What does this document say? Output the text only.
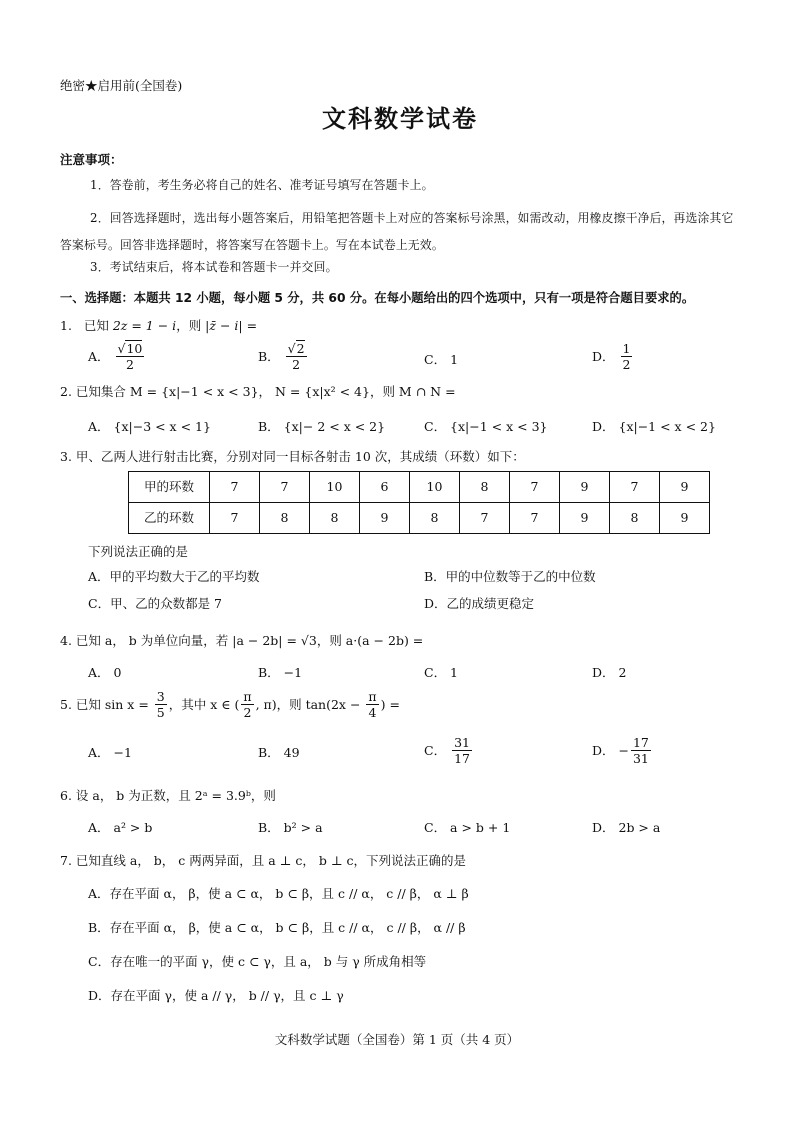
绝密★启用前(全国卷)
文科数学试卷
注意事项：
1．答卷前，考生务必将自己的姓名、准考证号填写在答题卡上。
2．回答选择题时，选出每小题答案后，用铅笔把答题卡上对应的答案标号涂黑，如需改动，用橡皮擦干净后，再选涂其它答案标号。回答非选择题时，将答案写在答题卡上。写在本试卷上无效。
3．考试结束后，将本试卷和答题卡一并交回。
一、选择题：本题共 12 小题，每小题 5 分，共 60 分。在每小题给出的四个选项中，只有一项是符合题目要求的。
1. 已知 2z = 1 − i，则 |z̄ − i| =
A． $\frac{√10}{2}$	B． $\frac{√2}{2}$	C． 1	D． $\frac{1}{2}$
2. 已知集合 M = {x|−1 < x < 3}， N = {x|x² < 4}，则 M ∩ N =
A． {x|−3 < x < 1}	B． {x|− 2 < x < 2}	C． {x|−1 < x < 3}	D． {x|−1 < x < 2}
3. 甲、乙两人进行射击比赛，分别对同一目标各射击 10 次，其成绩（环数）如下：
甲的环数	7	7	10	6	10	8	7	9	7	9
乙的环数	7	8	8	9	8	7	7	9	8	9
下列说法正确的是
A．甲的平均数大于乙的平均数	B．甲的中位数等于乙的中位数
C．甲、乙的众数都是 7	D．乙的成绩更稳定
4. 已知 a， b 为单位向量，若 |a − 2b| = √3，则 a·(a − 2b) =
A． 0	B． −1	C． 1	D． 2
5. 已知 $\sin x = \frac{3}{5}$ ，其中 x ∈ ( $\frac{\pi}{2}$ , π)，则 $\tan(2x - \frac{\pi}{4}$ ) =
A． −1	B． 49	C． $\frac{31}{17}$	D． − $\frac{17}{31}$
6. 设 a， b 为正数，且 2ᵃ = 3.9ᵇ，则
A． a² > b	B． b² > a	C． a > b + 1	D． 2b > a
7. 已知直线 a， b， c 两两异面，且 a ⊥ c， b ⊥ c，下列说法正确的是
A．存在平面 α， β，使 a ⊂ α， b ⊂ β，且 c // α， c // β， α ⊥ β
B．存在平面 α， β，使 a ⊂ α， b ⊂ β，且 c // α， c // β， α // β
C．存在唯一的平面 γ，使 c ⊂ γ，且 a， b 与 γ 所成角相等
D．存在平面 γ，使 a // γ， b // γ，且 c ⊥ γ
文科数学试题（全国卷）第 1 页（共 4 页）
